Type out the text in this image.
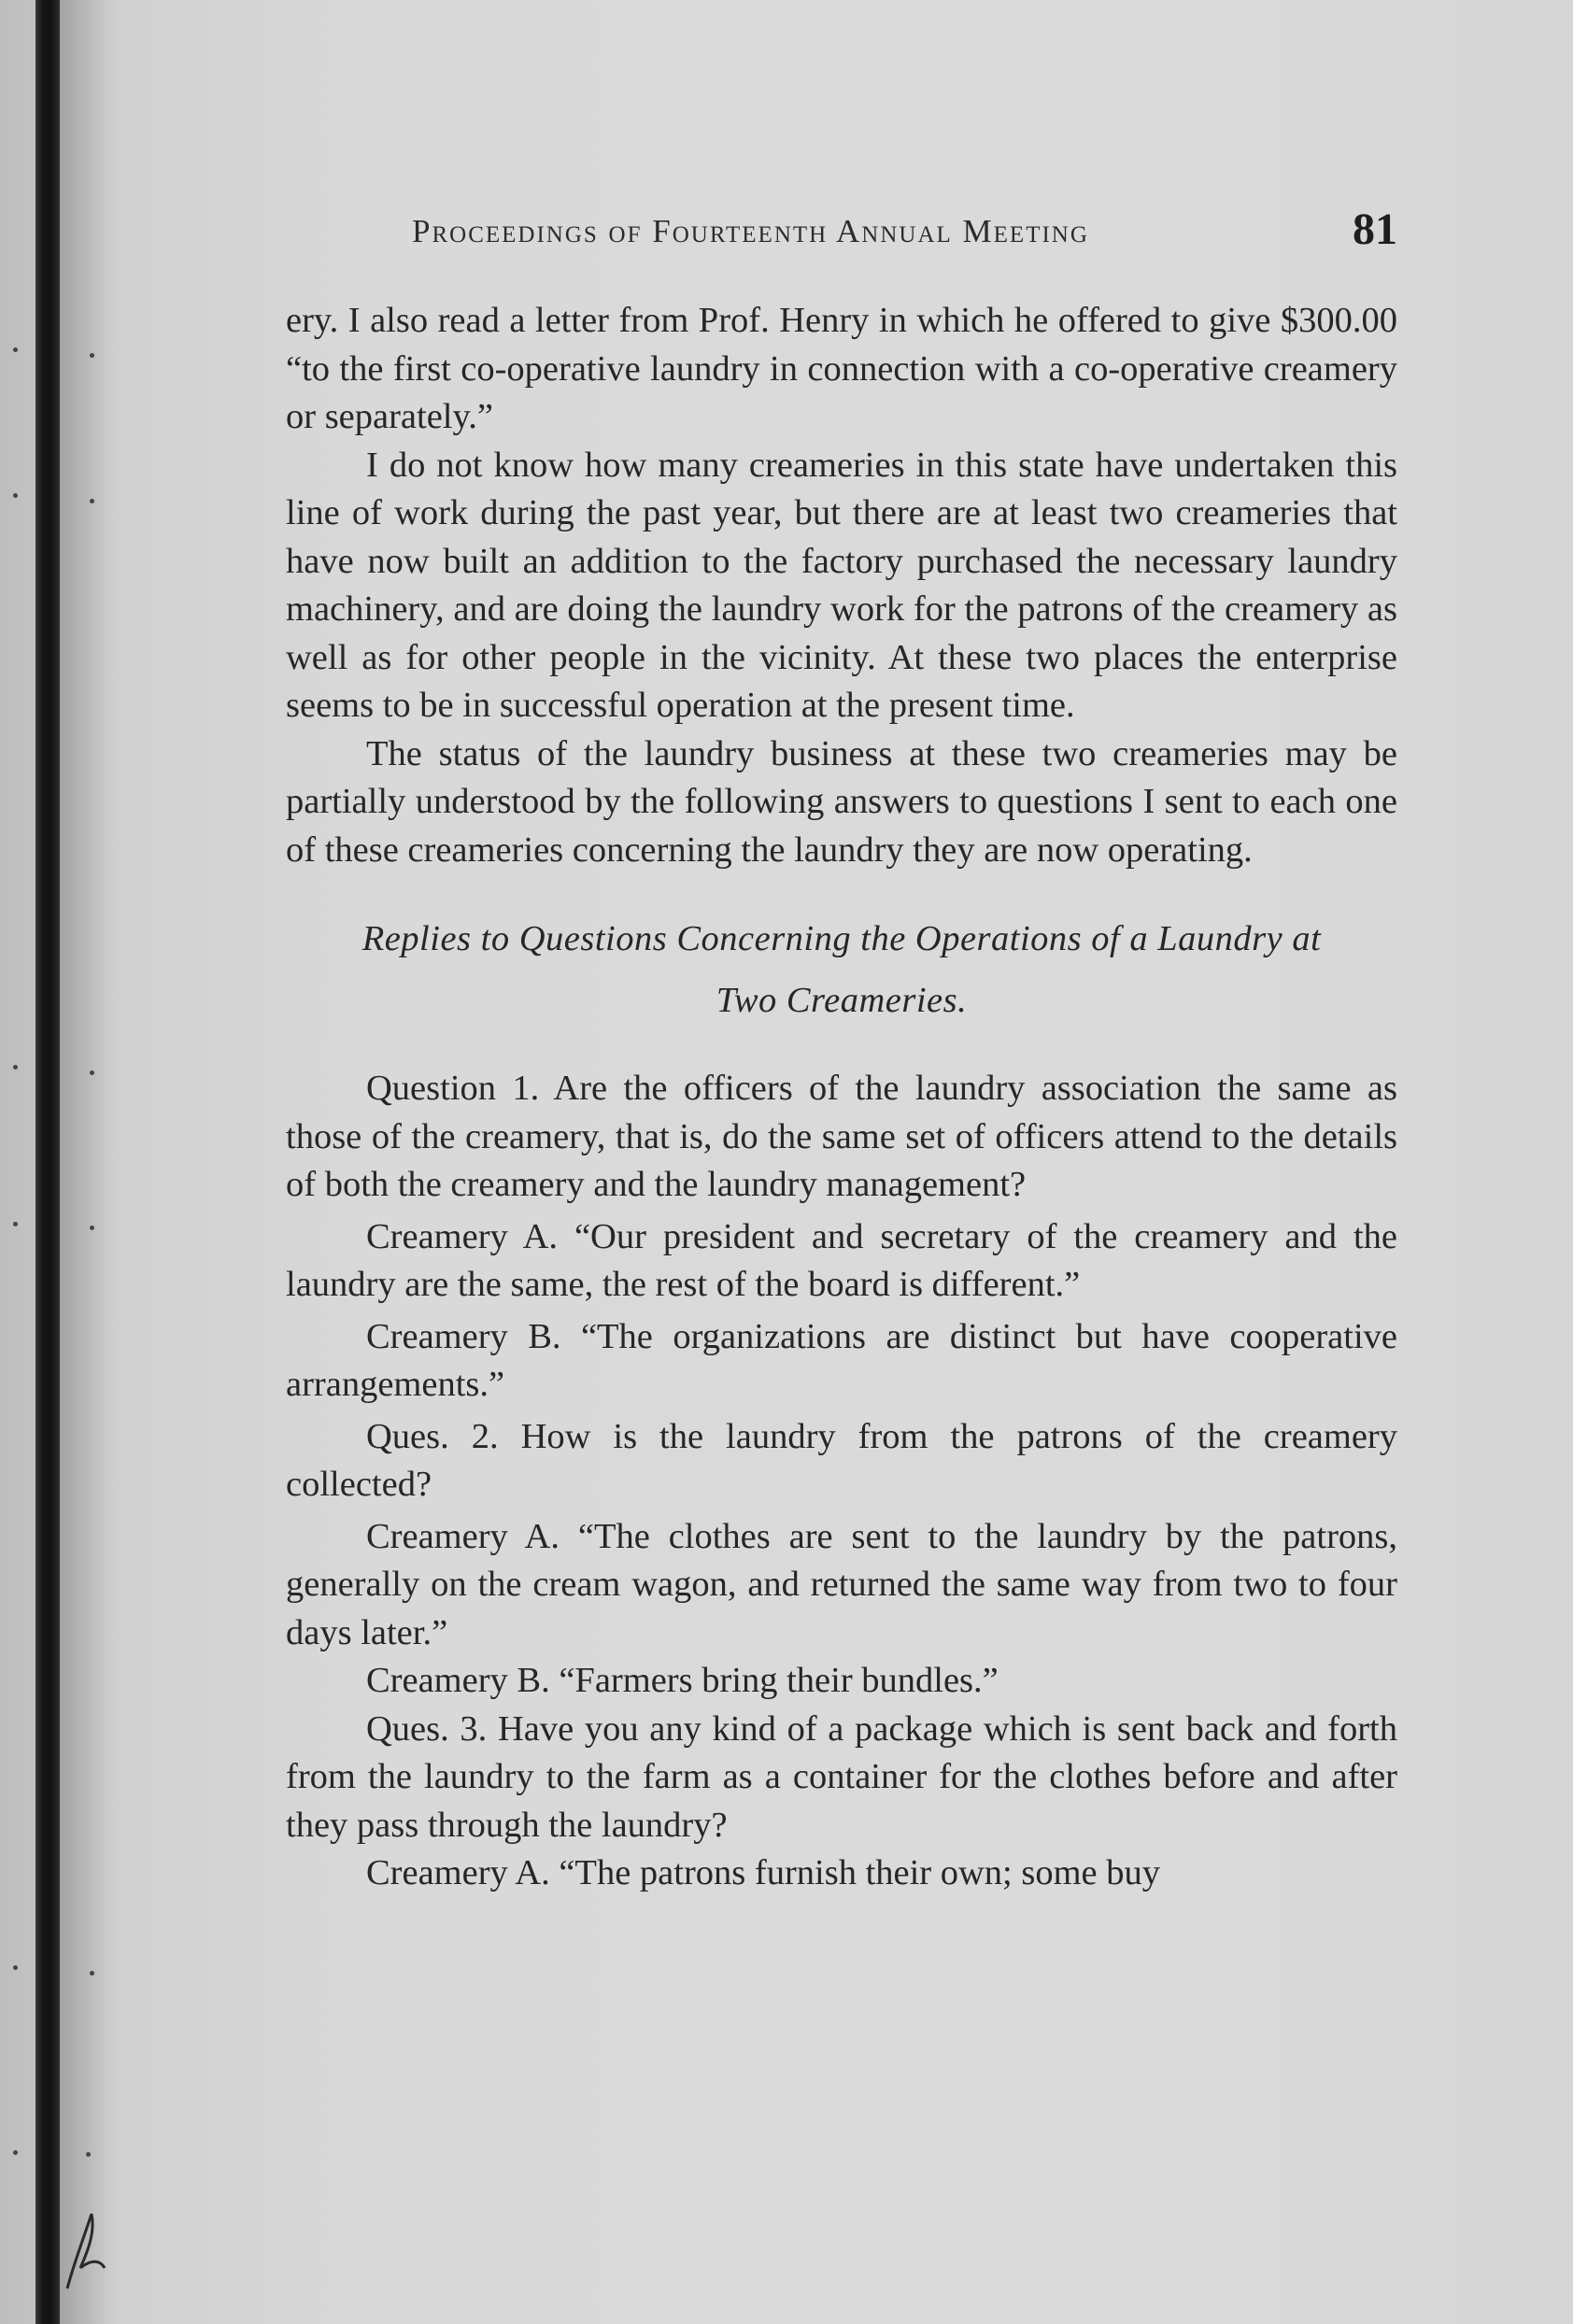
Proceedings of Fourteenth Annual Meeting	81

ery. I also read a letter from Prof. Henry in which he offered to give $300.00 “to the first co-operative laundry in connection with a co-operative creamery or separately.”

I do not know how many creameries in this state have undertaken this line of work during the past year, but there are at least two creameries that have now built an addition to the factory purchased the necessary laundry machinery, and are doing the laundry work for the patrons of the creamery as well as for other people in the vicinity. At these two places the enterprise seems to be in successful operation at the present time.

The status of the laundry business at these two creameries may be partially understood by the following answers to questions I sent to each one of these creameries concerning the laundry they are now operating.

Replies to Questions Concerning the Operations of a Laundry at
Two Creameries.

Question 1. Are the officers of the laundry association the same as those of the creamery, that is, do the same set of officers attend to the details of both the creamery and the laundry management?

Creamery A. “Our president and secretary of the creamery and the laundry are the same, the rest of the board is different.”

Creamery B. “The organizations are distinct but have cooperative arrangements.”

Ques. 2. How is the laundry from the patrons of the creamery collected?

Creamery A. “The clothes are sent to the laundry by the patrons, generally on the cream wagon, and returned the same way from two to four days later.”

Creamery B. “Farmers bring their bundles.”

Ques. 3. Have you any kind of a package which is sent back and forth from the laundry to the farm as a container for the clothes before and after they pass through the laundry?

Creamery A. “The patrons furnish their own; some buy
